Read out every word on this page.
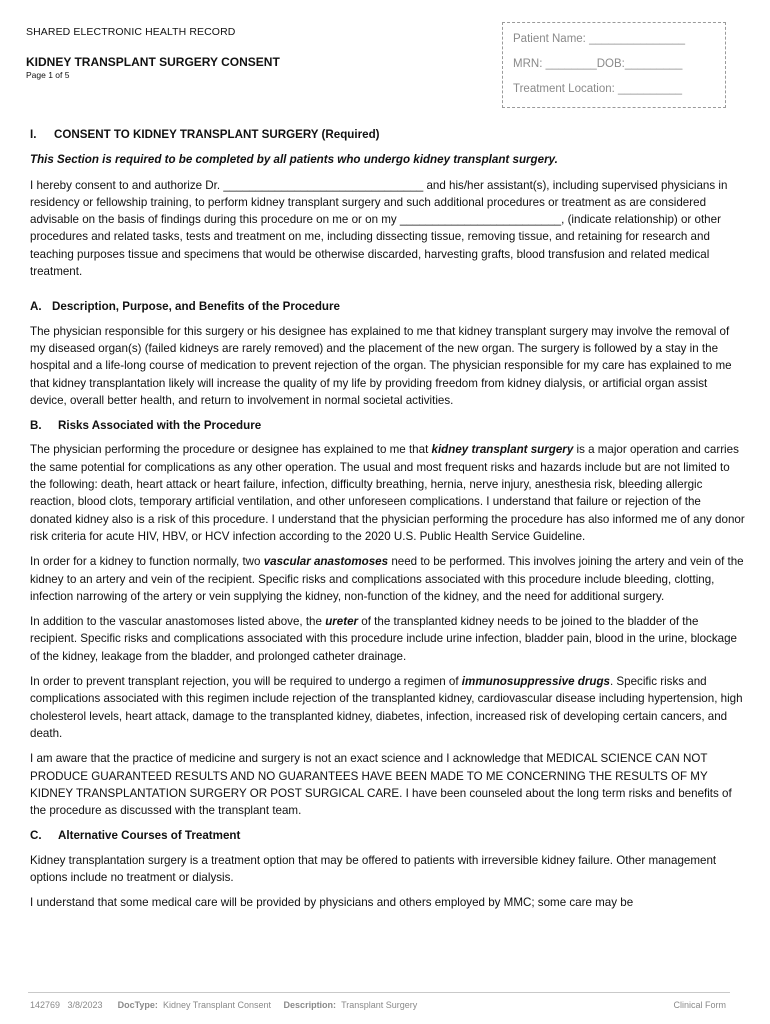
SHARED ELECTRONIC HEALTH RECORD
KIDNEY TRANSPLANT SURGERY CONSENT
Page 1 of 5
Patient Name: _______________
MRN: ________DOB:_________
Treatment Location: __________
I. CONSENT TO KIDNEY TRANSPLANT SURGERY (Required)

This Section is required to be completed by all patients who undergo kidney transplant surgery.

I hereby consent to and authorize Dr. _______________________________ and his/her assistant(s), including supervised physicians in residency or fellowship training, to perform kidney transplant surgery and such additional procedures or treatment as are considered advisable on the basis of findings during this procedure on me or on my _________________________, (indicate relationship) or other procedures and related tasks, tests and treatment on me, including dissecting tissue, removing tissue, and retaining for research and teaching purposes tissue and specimens that would be otherwise discarded, harvesting grafts, blood transfusion and related medical treatment.

A. Description, Purpose, and Benefits of the Procedure

The physician responsible for this surgery or his designee has explained to me that kidney transplant surgery may involve the removal of my diseased organ(s) (failed kidneys are rarely removed) and the placement of the new organ. The surgery is followed by a stay in the hospital and a life-long course of medication to prevent rejection of the organ. The physician responsible for my care has explained to me that kidney transplantation likely will increase the quality of my life by providing freedom from kidney dialysis, or artificial organ assist device, overall better health, and return to involvement in normal societal activities.

B. Risks Associated with the Procedure

The physician performing the procedure or designee has explained to me that kidney transplant surgery is a major operation and carries the same potential for complications as any other operation. The usual and most frequent risks and hazards include but are not limited to the following: death, heart attack or heart failure, infection, difficulty breathing, hernia, nerve injury, anesthesia risk, bleeding allergic reaction, blood clots, temporary artificial ventilation, and other unforeseen complications. I understand that failure or rejection of the donated kidney also is a risk of this procedure. I understand that the physician performing the procedure has also informed me of any donor risk criteria for acute HIV, HBV, or HCV infection according to the 2020 U.S. Public Health Service Guideline.

In order for a kidney to function normally, two vascular anastomoses need to be performed. This involves joining the artery and vein of the kidney to an artery and vein of the recipient. Specific risks and complications associated with this procedure include bleeding, clotting, infection narrowing of the artery or vein supplying the kidney, non-function of the kidney, and the need for additional surgery.

In addition to the vascular anastomoses listed above, the ureter of the transplanted kidney needs to be joined to the bladder of the recipient. Specific risks and complications associated with this procedure include urine infection, bladder pain, blood in the urine, blockage of the kidney, leakage from the bladder, and prolonged catheter drainage.

In order to prevent transplant rejection, you will be required to undergo a regimen of immunosuppressive drugs. Specific risks and complications associated with this regimen include rejection of the transplanted kidney, cardiovascular disease including hypertension, high cholesterol levels, heart attack, damage to the transplanted kidney, diabetes, infection, increased risk of developing certain cancers, and death.

I am aware that the practice of medicine and surgery is not an exact science and I acknowledge that MEDICAL SCIENCE CAN NOT PRODUCE GUARANTEED RESULTS AND NO GUARANTEES HAVE BEEN MADE TO ME CONCERNING THE RESULTS OF MY KIDNEY TRANSPLANTATION SURGERY OR POST SURGICAL CARE. I have been counseled about the long term risks and benefits of the procedure as discussed with the transplant team.

C. Alternative Courses of Treatment

Kidney transplantation surgery is a treatment option that may be offered to patients with irreversible kidney failure. Other management options include no treatment or dialysis.

I understand that some medical care will be provided by physicians and others employed by MMC; some care may be

142769   3/8/2023 DocType: Kidney Transplant Consent Description: Transplant Surgery	Clinical Form
